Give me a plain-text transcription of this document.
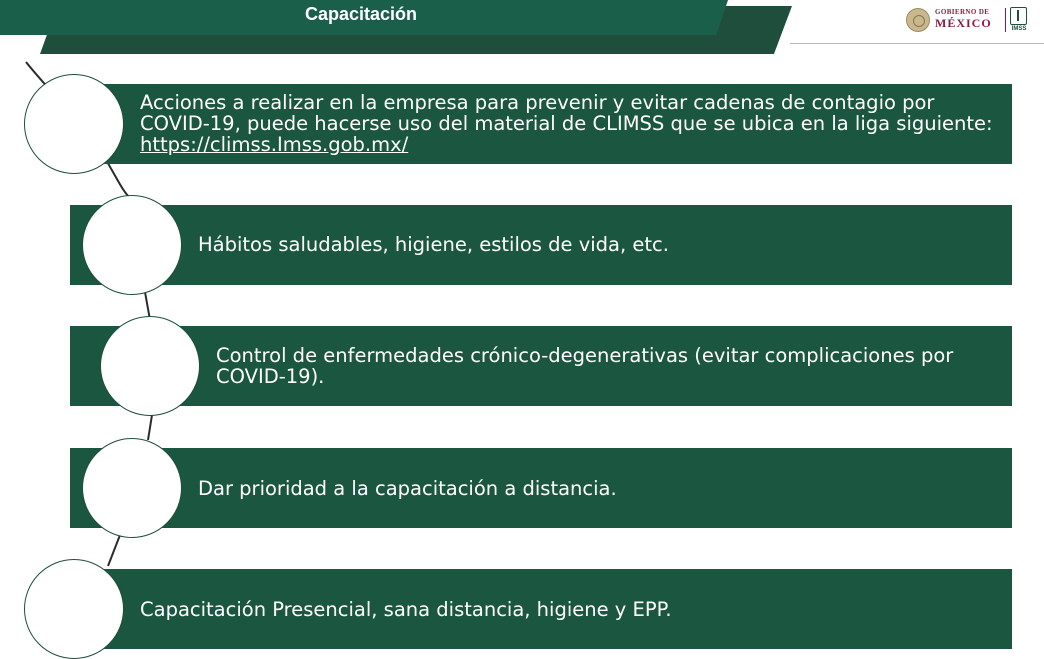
Capacitación	GOBIERNO DE
MÉXICO	IMSS
Acciones a realizar en la empresa para prevenir y evitar cadenas de contagio por COVID-19, puede hacerse uso del material de CLIMSS que se ubica en la liga siguiente:
https://climss.Imss.gob.mx/
Hábitos saludables, higiene, estilos de vida, etc.
Control de enfermedades crónico-degenerativas (evitar complicaciones por COVID-19).
Dar prioridad a la capacitación a distancia.
Capacitación Presencial, sana distancia, higiene y EPP.
